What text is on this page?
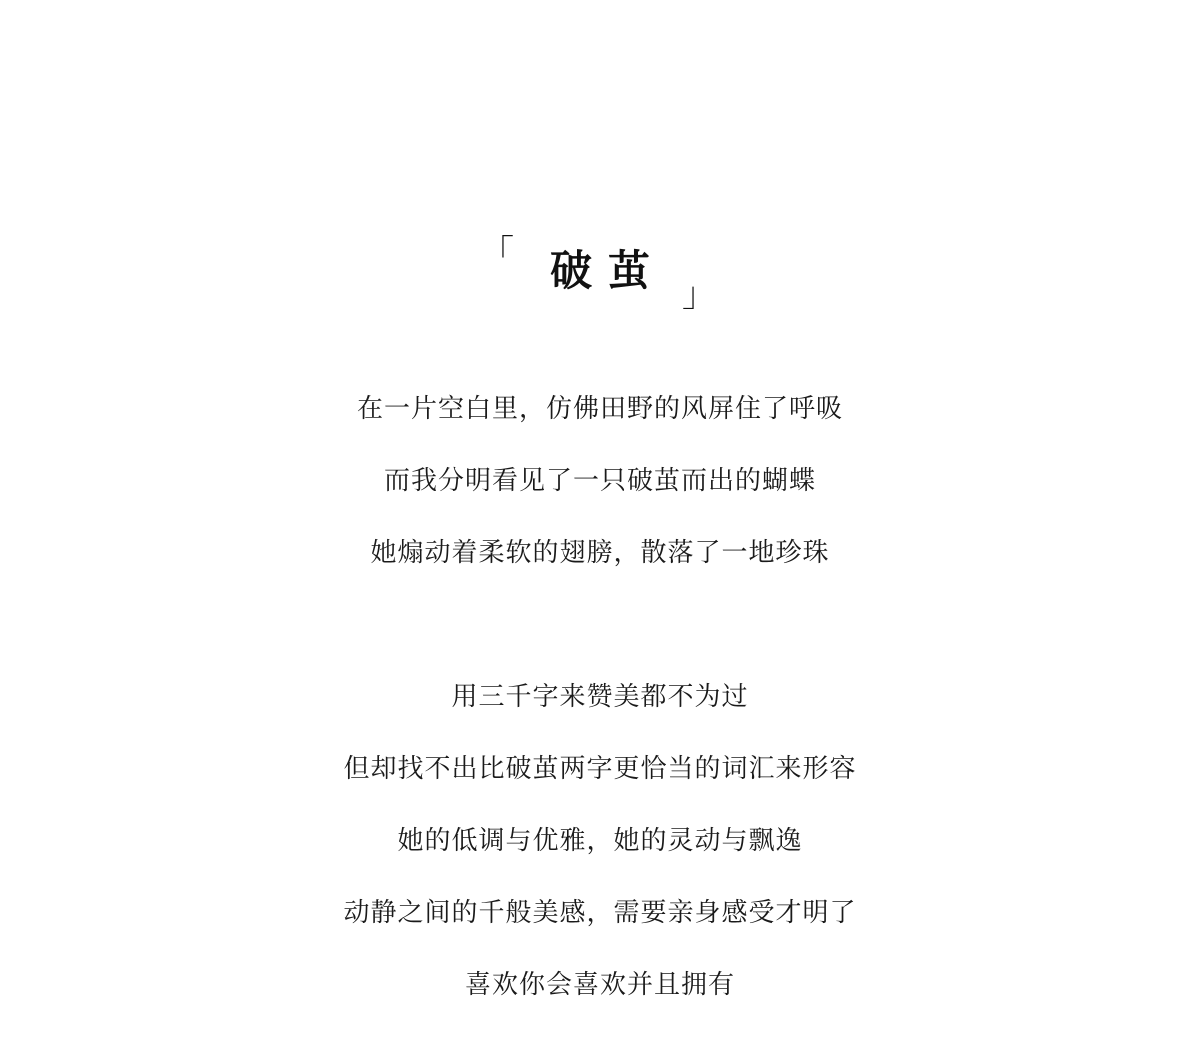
「 破茧 」
在一片空白里，仿佛田野的风屏住了呼吸
而我分明看见了一只破茧而出的蝴蝶
她煽动着柔软的翅膀，散落了一地珍珠
用三千字来赞美都不为过
但却找不出比破茧两字更恰当的词汇来形容
她的低调与优雅，她的灵动与飘逸
动静之间的千般美感，需要亲身感受才明了
喜欢你会喜欢并且拥有
